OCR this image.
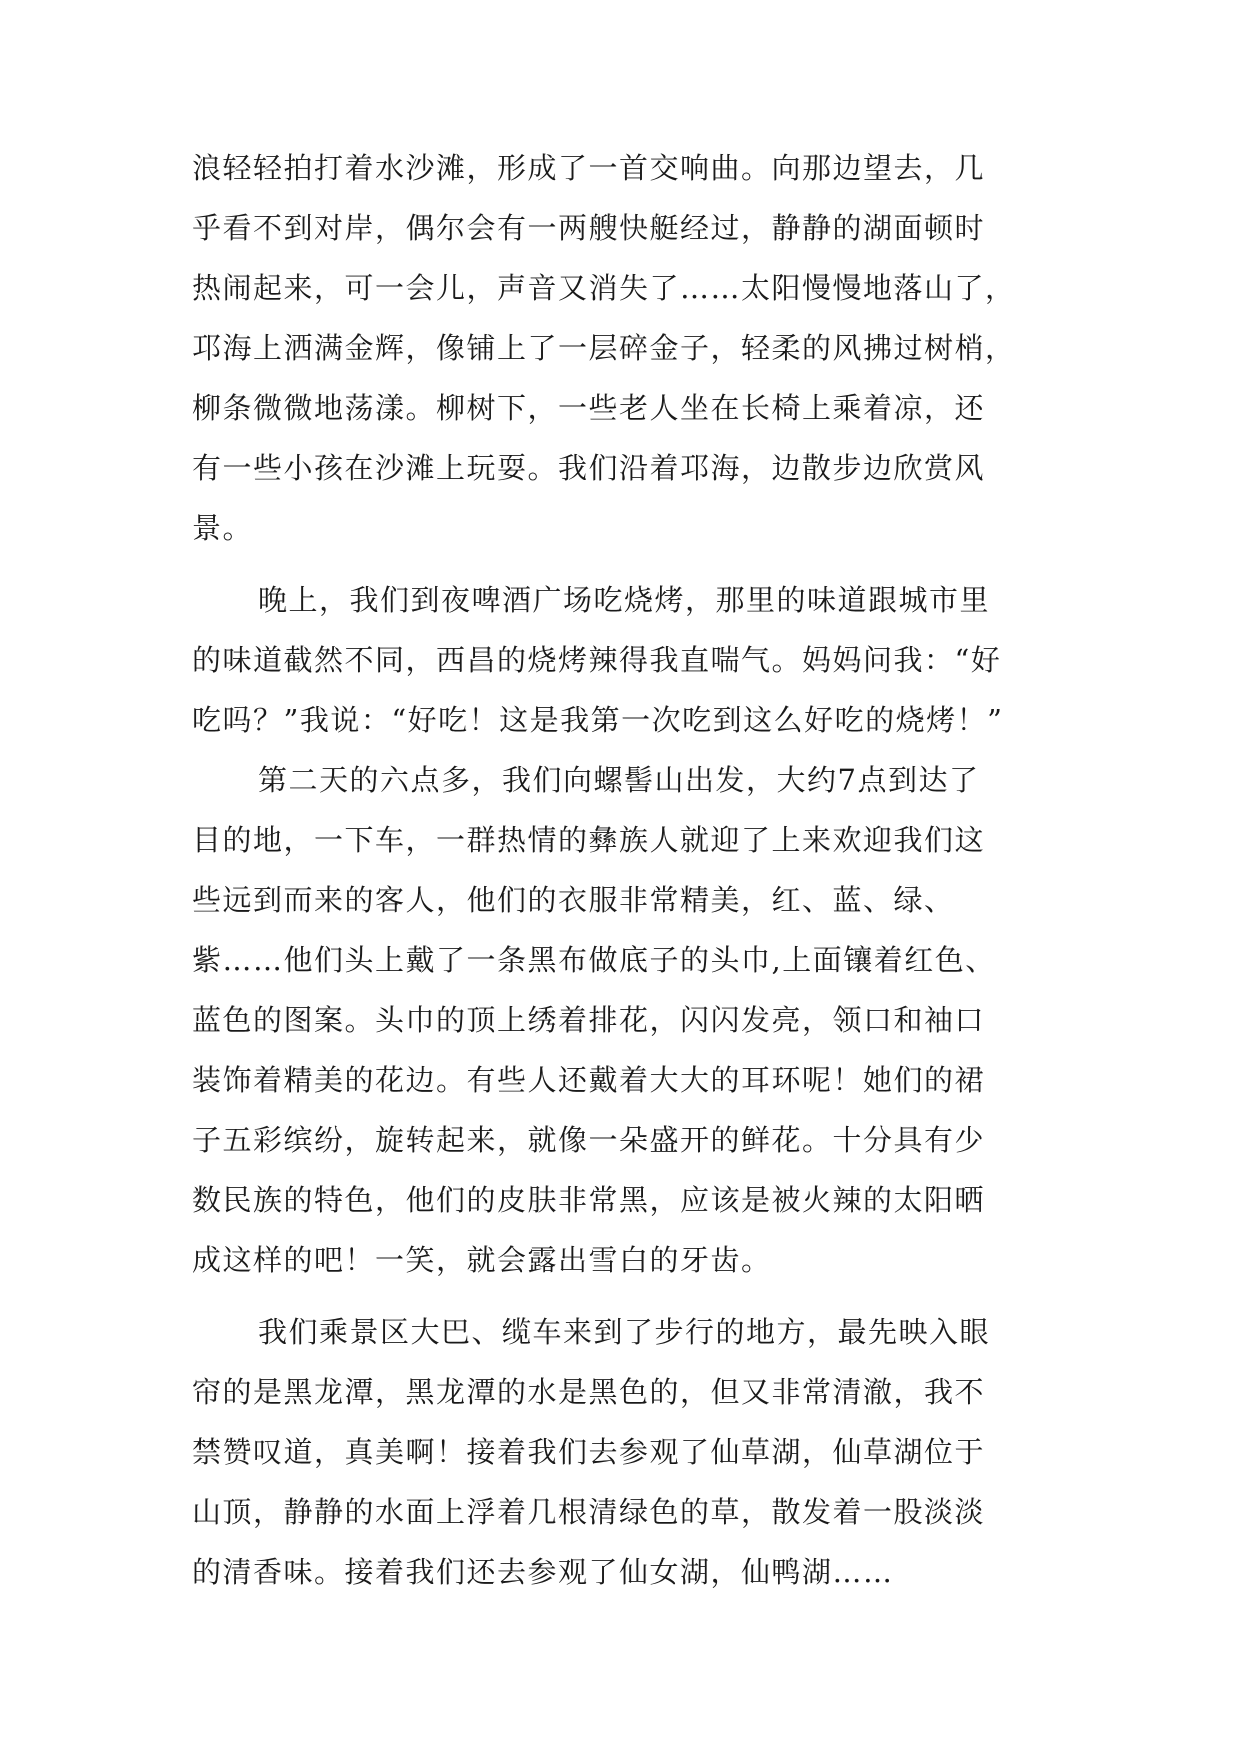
浪轻轻拍打着水沙滩，形成了一首交响曲。向那边望去，几
乎看不到对岸，偶尔会有一两艘快艇经过，静静的湖面顿时
热闹起来，可一会儿，声音又消失了……太阳慢慢地落山了，
邛海上洒满金辉，像铺上了一层碎金子，轻柔的风拂过树梢，
柳条微微地荡漾。柳树下，一些老人坐在长椅上乘着凉，还
有一些小孩在沙滩上玩耍。我们沿着邛海，边散步边欣赏风
景。
晚上，我们到夜啤酒广场吃烧烤，那里的味道跟城市里
的味道截然不同，西昌的烧烤辣得我直喘气。妈妈问我：“好
吃吗？”我说：“好吃！这是我第一次吃到这么好吃的烧烤！”
第二天的六点多，我们向螺髻山出发，大约7点到达了
目的地，一下车，一群热情的彝族人就迎了上来欢迎我们这
些远到而来的客人，他们的衣服非常精美，红、蓝、绿、
紫……他们头上戴了一条黑布做底子的头巾,上面镶着红色、
蓝色的图案。头巾的顶上绣着排花，闪闪发亮，领口和袖口
装饰着精美的花边。有些人还戴着大大的耳环呢！她们的裙
子五彩缤纷，旋转起来，就像一朵盛开的鲜花。十分具有少
数民族的特色，他们的皮肤非常黑，应该是被火辣的太阳晒
成这样的吧！一笑，就会露出雪白的牙齿。
我们乘景区大巴、缆车来到了步行的地方，最先映入眼
帘的是黑龙潭，黑龙潭的水是黑色的，但又非常清澈，我不
禁赞叹道，真美啊！接着我们去参观了仙草湖，仙草湖位于
山顶，静静的水面上浮着几根清绿色的草，散发着一股淡淡
的清香味。接着我们还去参观了仙女湖，仙鸭湖……
